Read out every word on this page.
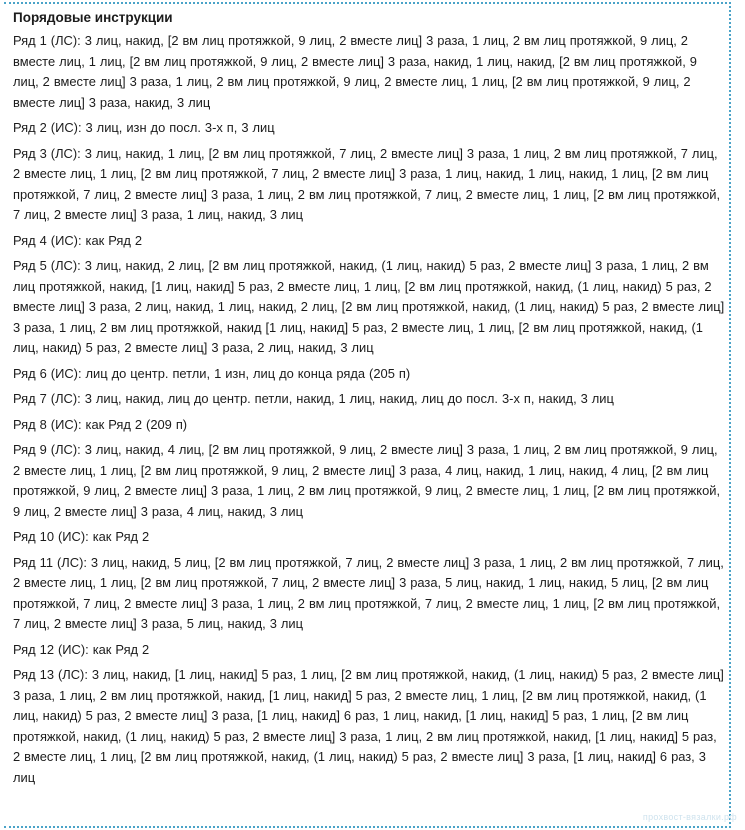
Порядовые инструкции

Ряд 1 (ЛС): 3 лиц, накид, [2 вм лиц протяжкой, 9 лиц, 2 вместе лиц] 3 раза, 1 лиц, 2 вм лиц протяжкой, 9 лиц, 2 вместе лиц, 1 лиц, [2 вм лиц протяжкой, 9 лиц, 2 вместе лиц] 3 раза, накид, 1 лиц, накид, [2 вм лиц протяжкой, 9 лиц, 2 вместе лиц] 3 раза, 1 лиц, 2 вм лиц протяжкой, 9 лиц, 2 вместе лиц, 1 лиц, [2 вм лиц протяжкой, 9 лиц, 2 вместе лиц] 3 раза, накид, 3 лиц

Ряд 2 (ИС): 3 лиц, изн до посл. 3-х п, 3 лиц

Ряд 3 (ЛС): 3 лиц, накид, 1 лиц, [2 вм лиц протяжкой, 7 лиц, 2 вместе лиц] 3 раза, 1 лиц, 2 вм лиц протяжкой, 7 лиц, 2 вместе лиц, 1 лиц, [2 вм лиц протяжкой, 7 лиц, 2 вместе лиц] 3 раза, 1 лиц, накид, 1 лиц, накид, 1 лиц, [2 вм лиц протяжкой, 7 лиц, 2 вместе лиц] 3 раза, 1 лиц, 2 вм лиц протяжкой, 7 лиц, 2 вместе лиц, 1 лиц, [2 вм лиц протяжкой, 7 лиц, 2 вместе лиц] 3 раза, 1 лиц, накид, 3 лиц

Ряд 4 (ИС): как Ряд 2

Ряд 5 (ЛС): 3 лиц, накид, 2 лиц, [2 вм лиц протяжкой, накид, (1 лиц, накид) 5 раз, 2 вместе лиц] 3 раза, 1 лиц, 2 вм лиц протяжкой, накид, [1 лиц, накид] 5 раз, 2 вместе лиц, 1 лиц, [2 вм лиц протяжкой, накид, (1 лиц, накид) 5 раз, 2 вместе лиц] 3 раза, 2 лиц, накид, 1 лиц, накид, 2 лиц, [2 вм лиц протяжкой, накид, (1 лиц, накид) 5 раз, 2 вместе лиц] 3 раза, 1 лиц, 2 вм лиц протяжкой, накид [1 лиц, накид] 5 раз, 2 вместе лиц, 1 лиц, [2 вм лиц протяжкой, накид, (1 лиц, накид) 5 раз, 2 вместе лиц] 3 раза, 2 лиц, накид, 3 лиц

Ряд 6 (ИС): лиц до центр. петли, 1 изн, лиц до конца ряда (205 п)

Ряд 7 (ЛС): 3 лиц, накид, лиц до центр. петли, накид, 1 лиц, накид, лиц до посл. 3-х п, накид, 3 лиц

Ряд 8 (ИС): как Ряд 2 (209 п)

Ряд 9 (ЛС): 3 лиц, накид, 4 лиц, [2 вм лиц протяжкой, 9 лиц, 2 вместе лиц] 3 раза, 1 лиц, 2 вм лиц протяжкой, 9 лиц, 2 вместе лиц, 1 лиц, [2 вм лиц протяжкой, 9 лиц, 2 вместе лиц] 3 раза, 4 лиц, накид, 1 лиц, накид, 4 лиц, [2 вм лиц протяжкой, 9 лиц, 2 вместе лиц] 3 раза, 1 лиц, 2 вм лиц протяжкой, 9 лиц, 2 вместе лиц, 1 лиц, [2 вм лиц протяжкой, 9 лиц, 2 вместе лиц] 3 раза, 4 лиц, накид, 3 лиц

Ряд 10 (ИС): как Ряд 2

Ряд 11 (ЛС): 3 лиц, накид, 5 лиц, [2 вм лиц протяжкой, 7 лиц, 2 вместе лиц] 3 раза, 1 лиц, 2 вм лиц протяжкой, 7 лиц, 2 вместе лиц, 1 лиц, [2 вм лиц протяжкой, 7 лиц, 2 вместе лиц] 3 раза, 5 лиц, накид, 1 лиц, накид, 5 лиц, [2 вм лиц протяжкой, 7 лиц, 2 вместе лиц] 3 раза, 1 лиц, 2 вм лиц протяжкой, 7 лиц, 2 вместе лиц, 1 лиц, [2 вм лиц протяжкой, 7 лиц, 2 вместе лиц] 3 раза, 5 лиц, накид, 3 лиц

Ряд 12 (ИС): как Ряд 2

Ряд 13 (ЛС): 3 лиц, накид, [1 лиц, накид] 5 раз, 1 лиц, [2 вм лиц протяжкой, накид, (1 лиц, накид) 5 раз, 2 вместе лиц] 3 раза, 1 лиц, 2 вм лиц протяжкой, накид, [1 лиц, накид] 5 раз, 2 вместе лиц, 1 лиц, [2 вм лиц протяжкой, накид, (1 лиц, накид) 5 раз, 2 вместе лиц] 3 раза, [1 лиц, накид] 6 раз, 1 лиц, накид, [1 лиц, накид] 5 раз, 1 лиц, [2 вм лиц протяжкой, накид, (1 лиц, накид) 5 раз, 2 вместе лиц] 3 раза, 1 лиц, 2 вм лиц протяжкой, накид, [1 лиц, накид] 5 раз, 2 вместе лиц, 1 лиц, [2 вм лиц протяжкой, накид, (1 лиц, накид) 5 раз, 2 вместе лиц] 3 раза, [1 лиц, накид] 6 раз, 3 лиц

прохвост-вязалки.рф
